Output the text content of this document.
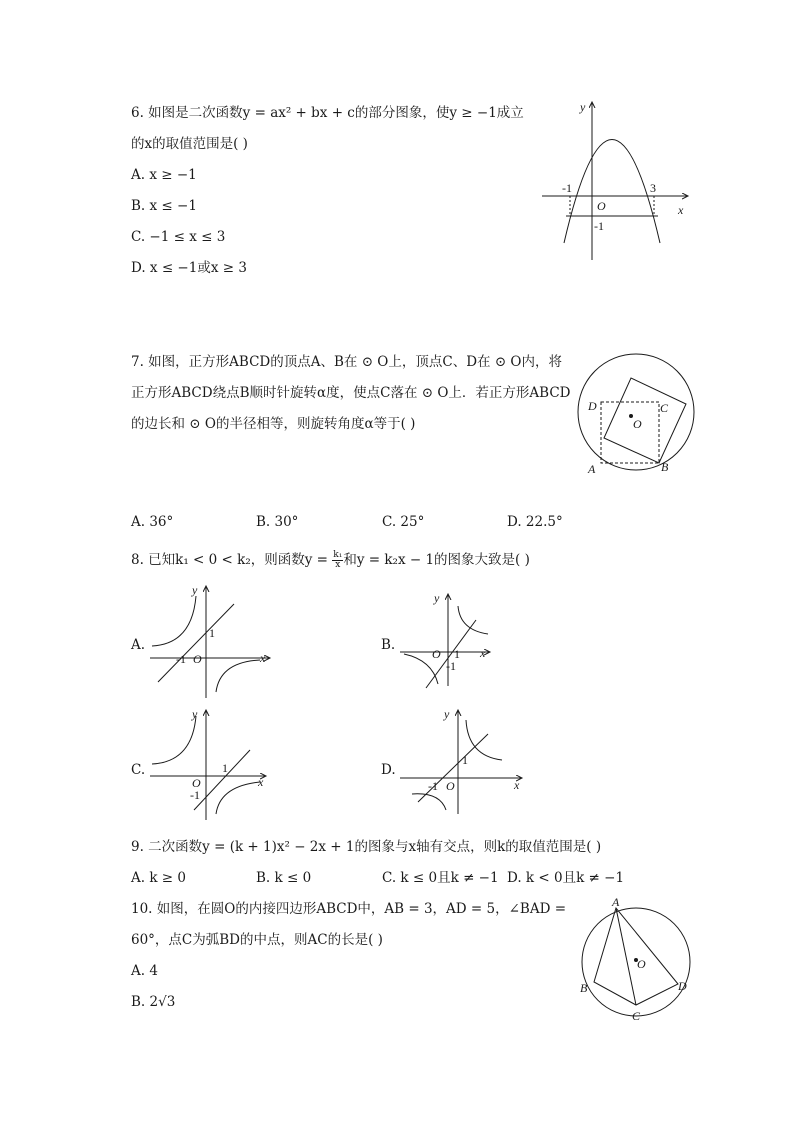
6. 如图是二次函数y = ax² + bx + c的部分图象，使y ≥ −1成立
的x的取值范围是( )
A. x ≥ −1
B. x ≤ −1
C. −1 ≤ x ≤ 3
D. x ≤ −1或x ≥ 3
y
x
O
-1	3
-1
7. 如图，正方形ABCD的顶点A、B在 ⊙ O上，顶点C、D在 ⊙ O内，将
正方形ABCD绕点B顺时针旋转α度，使点C落在 ⊙ O上．若正方形ABCD
的边长和 ⊙ O的半径相等，则旋转角度α等于( )
D	C
O
A	B
A. 36°	B. 30°	C. 25°	D. 22.5°
8. 已知k₁ < 0 < k₂，则函数$y = \frac{\text{k₁}}{x}$ 和y = k₂x − 1的图象大致是( )
A.
y
x
O
1
-1
B.
y
x
O 1
-1
C.
y
x
O
1
-1
D.
y
x
O
1
-1
9. 二次函数y = (k + 1)x² − 2x + 1的图象与x轴有交点，则k的取值范围是( )
A. k ≥ 0	B. k ≤ 0	C. k ≤ 0且k ≠ −1 D. k < 0且k ≠ −1
10. 如图，在圆O的内接四边形ABCD中，AB = 3，AD = 5，∠BAD =
60°，点C为弧BD的中点，则AC的长是( )
A. 4
B. 2√3
A
O
B	D
C
